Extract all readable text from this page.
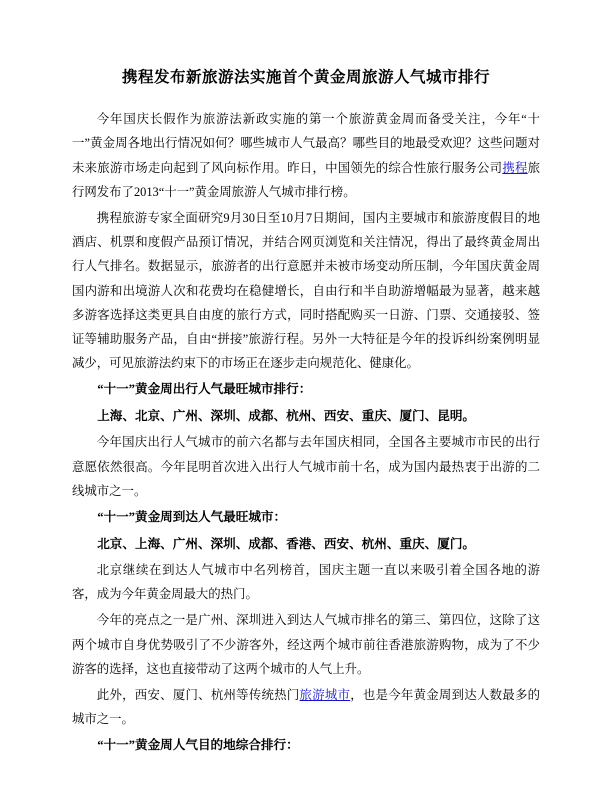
携程发布新旅游法实施首个黄金周旅游人气城市排行

今年国庆长假作为旅游法新政实施的第一个旅游黄金周而备受关注，今年“十一”黄金周各地出行情况如何？哪些城市人气最高？哪些目的地最受欢迎？这些问题对未来旅游市场走向起到了风向标作用。昨日，中国领先的综合性旅行服务公司携程旅行网发布了2013“十一”黄金周旅游人气城市排行榜。

携程旅游专家全面研究9月30日至10月7日期间，国内主要城市和旅游度假目的地酒店、机票和度假产品预订情况，并结合网页浏览和关注情况，得出了最终黄金周出行人气排名。数据显示，旅游者的出行意愿并未被市场变动所压制，今年国庆黄金周国内游和出境游人次和花费均在稳健增长，自由行和半自助游增幅最为显著，越来越多游客选择这类更具自由度的旅行方式，同时搭配购买一日游、门票、交通接驳、签证等辅助服务产品，自由“拼接”旅游行程。另外一大特征是今年的投诉纠纷案例明显减少，可见旅游法约束下的市场正在逐步走向规范化、健康化。

“十一”黄金周出行人气最旺城市排行：

上海、北京、广州、深圳、成都、杭州、西安、重庆、厦门、昆明。

今年国庆出行人气城市的前六名都与去年国庆相同，全国各主要城市市民的出行意愿依然很高。今年昆明首次进入出行人气城市前十名，成为国内最热衷于出游的二线城市之一。

“十一”黄金周到达人气最旺城市：

北京、上海、广州、深圳、成都、香港、西安、杭州、重庆、厦门。

北京继续在到达人气城市中名列榜首，国庆主题一直以来吸引着全国各地的游客，成为今年黄金周最大的热门。

今年的亮点之一是广州、深圳进入到达人气城市排名的第三、第四位，这除了这两个城市自身优势吸引了不少游客外，经这两个城市前往香港旅游购物，成为了不少游客的选择，这也直接带动了这两个城市的人气上升。

此外，西安、厦门、杭州等传统热门旅游城市，也是今年黄金周到达人数最多的城市之一。

“十一”黄金周人气目的地综合排行：
